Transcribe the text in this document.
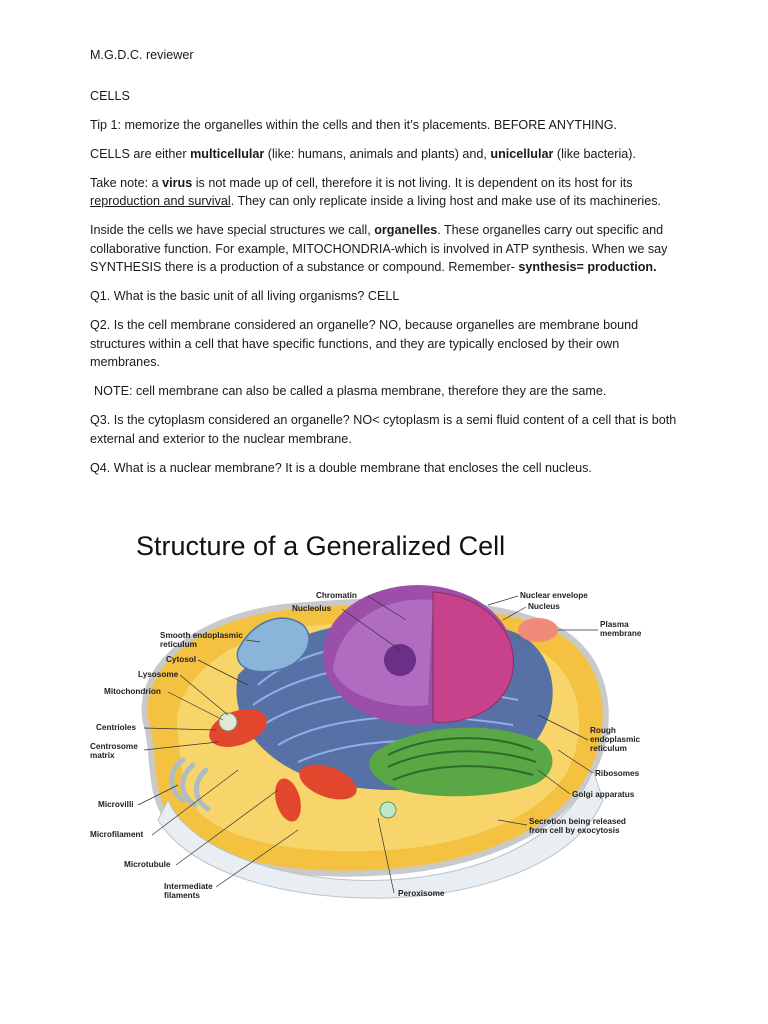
M.G.D.C. reviewer

CELLS

Tip 1: memorize the organelles within the cells and then it’s placements. BEFORE ANYTHING.

CELLS are either multicellular (like: humans, animals and plants) and, unicellular (like bacteria).

Take note: a virus is not made up of cell, therefore it is not living. It is dependent on its host for its reproduction and survival. They can only replicate inside a living host and make use of its machineries.

Inside the cells we have special structures we call, organelles. These organelles carry out specific and collaborative function. For example, MITOCHONDRIA-which is involved in ATP synthesis. When we say SYNTHESIS there is a production of a substance or compound. Remember- synthesis= production.

Q1. What is the basic unit of all living organisms? CELL

Q2. Is the cell membrane considered an organelle? NO, because organelles are membrane bound structures within a cell that have specific functions, and they are typically enclosed by their own membranes.

NOTE: cell membrane can also be called a plasma membrane, therefore they are the same.

Q3. Is the cytoplasm considered an organelle? NO< cytoplasm is a semi fluid content of a cell that is both external and exterior to the nuclear membrane.

Q4. What is a nuclear membrane? It is a double membrane that encloses the cell nucleus.

Structure of a Generalized Cell
Chromatin
Nucleolus
Smooth endoplasmic
reticulum
Cytosol
Lysosome
Mitochondrion
Centrioles
Centrosome
matrix
Microvilli
Microfilament
Microtubule
Intermediate
filaments	Peroxisome
Nuclear envelope
Nucleus
Plasma
membrane
Rough
endoplasmic
reticulum
Ribosomes
Golgi apparatus
Secretion being released
from cell by exocytosis
